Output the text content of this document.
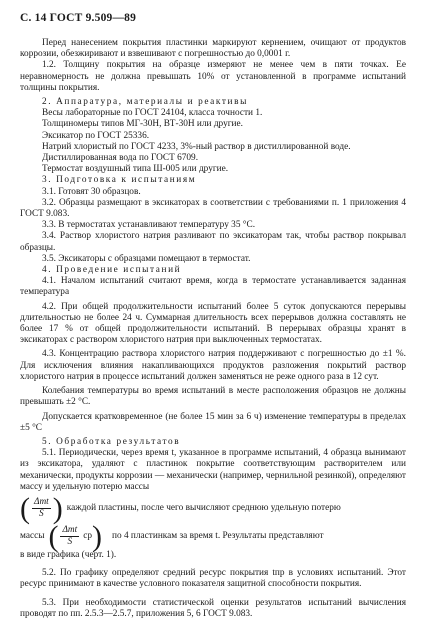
С. 14 ГОСТ 9.509—89

Перед нанесением покрытия пластинки маркируют кернением, очищают от продуктов коррозии, обезжиривают и взвешивают с погрешностью до 0,0001 г.

1.2. Толщину покрытия на образце измеряют не менее чем в пяти точках. Ее неравномерность не должна превышать 10% от установленной в программе испытаний толщины покрытия.

2. Аппаратура, материалы и реактивы

Весы лабораторные по ГОСТ 24104, класса точности 1.

Толщиномеры типов МГ-30Н, ВТ-30Н или другие.

Эксикатор по ГОСТ 25336.

Натрий хлористый по ГОСТ 4233, 3%-ный раствор в дистиллированной воде.

Дистиллированная вода по ГОСТ 6709.

Термостат воздушный типа Ш-005 или другие.

3. Подготовка к испытаниям

3.1. Готовят 30 образцов.

3.2. Образцы размещают в эксикаторах в соответствии с требованиями п. 1 приложения 4 ГОСТ 9.083.

3.3. В термостатах устанавливают температуру 35 °С.

3.4. Раствор хлористого натрия разливают по эксикаторам так, чтобы раствор покрывал образцы.

3.5. Эксикаторы с образцами помещают в термостат.

4. Проведение испытаний

4.1. Началом испытаний считают время, когда в термостате устанавливается заданная температура

4.2. При общей продолжительности испытаний более 5 суток допускаются перерывы длительностью не более 24 ч. Суммарная длительность всех перерывов должна составлять не более 17 % от общей продолжительности испытаний. В перерывах образцы хранят в эксикаторах с раствором хлористого натрия при выключенных термостатах.

4.3. Концентрацию раствора хлористого натрия поддерживают с погрешностью до ±1 %. Для исключения влияния накапливающихся продуктов разложения покрытий раствор хлористого натрия в процессе испытаний должен заменяться не реже одного раза в 12 сут.

Колебания температуры во время испытаний в месте расположения образцов не должны превышать ±2 °С.

Допускается кратковременное (не более 15 мин за 6 ч) изменение температуры в пределах ±5 °С

5. Обработка результатов

5.1. Периодически, через время t, указанное в программе испытаний, 4 образца вынимают из эксикатора, удаляют с пластинок покрытие соответствующим растворителем или механически, продукты коррозии — механически (например, чернильной резинкой), определяют массу и удельную потерю массы

( $\frac{\text{Δmt}}{S}$ ) каждой пластины, после чего вычисляют среднюю удельную потерю
массы ( $\frac{\text{Δmt}}{S}$ ср ) по 4 пластинкам за время t. Результаты представляют

в виде графика (черт. 1).

5.2. По графику определяют средний ресурс покрытия tпр в условиях испытаний. Этот ресурс принимают в качестве условного показателя защитной способности покрытия.

5.3. При необходимости статистической оценки результатов испытаний вычисления проводят по пп. 2.5.3—2.5.7, приложения 5, 6 ГОСТ 9.083.
